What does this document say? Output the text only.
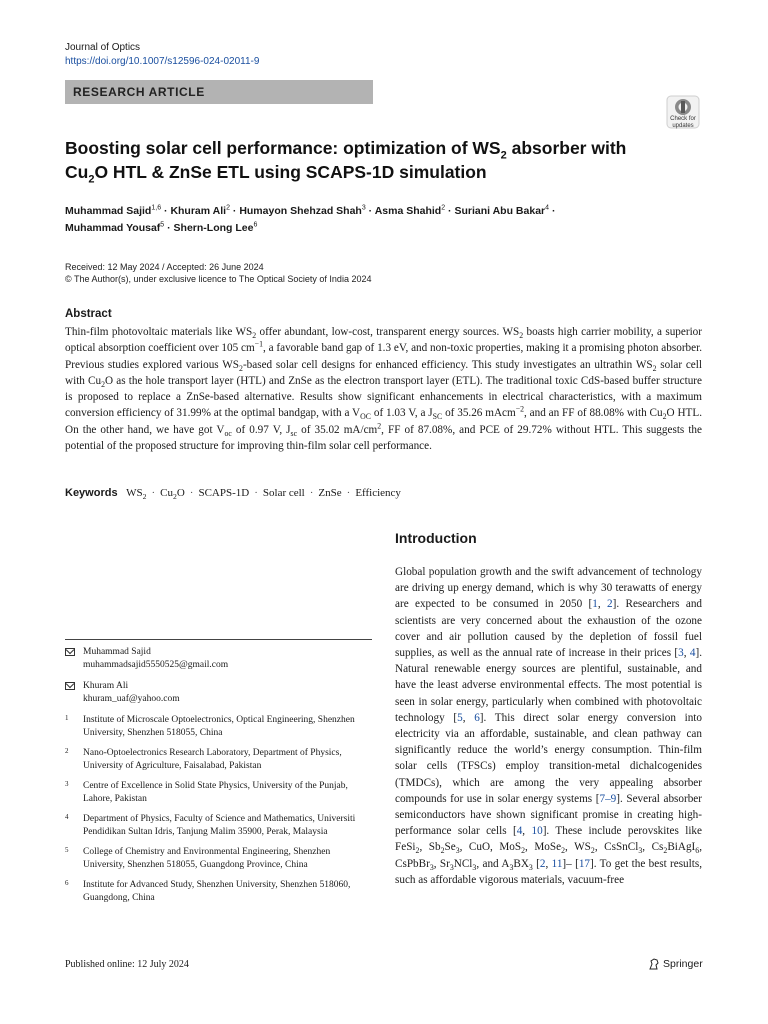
Journal of Optics
https://doi.org/10.1007/s12596-024-02011-9
RESEARCH ARTICLE
Check for
updates
Boosting solar cell performance: optimization of $WS_2$ absorber with
$Cu_2O$ HTL & ZnSe ETL using SCAPS-1D simulation
Muhammad Sajid$^{1,6}$ · Khuram Ali$^2$ · Humayon Shehzad Shah$^3$ · Asma Shahid$^2$ · Suriani Abu Bakar$^4$ ·
Muhammad Yousaf$^5$ · Shern-Long Lee$^6$
Received: 12 May 2024 / Accepted: 26 June 2024
© The Author(s), under exclusive licence to The Optical Society of India 2024
Abstract
Thin-film photovoltaic materials like $WS_2$ offer abundant, low-cost, transparent energy sources. $WS_2$ boasts high carrier mobility, a superior optical absorption coefficient over 105 $cm^{-1}$, a favorable band gap of 1.3 eV, and non-toxic properties, making it a promising photon absorber. Previous studies explored various $WS_2$-based solar cell designs for enhanced efficiency. This study investigates an ultrathin $WS_2$ solar cell with $Cu_2O$ as the hole transport layer (HTL) and ZnSe as the electron transport layer (ETL). The traditional toxic CdS-based buffer structure is proposed to replace a ZnSe-based alternative. Results show significant enhancements in electrical characteristics, with a maximum conversion efficiency of 31.99% at the optimal bandgap, with a $V_{OC}$ of 1.03 V, a $J_{SC}$ of 35.26 mAcm$^{-2}$, and an FF of 88.08% with $Cu_2O$ HTL. On the other hand, we have got $V_{oc}$ of 0.97 V, $J_{sc}$ of 35.02 $mA/cm^2$, FF of 87.08%, and PCE of 29.72% without HTL. This suggests the potential of the proposed structure for improving thin-film solar cell performance.
Keywords $WS_2 \cdot Cu_2O$ · SCAPS-1D · Solar cell · ZnSe · Efficiency
Introduction
Global population growth and the swift advancement of technology are driving up energy demand, which is why 30 terawatts of energy are expected to be consumed in 2050 [1, 2]. Researchers and scientists are very concerned about the exhaustion of the ozone cover and air pollution caused by the depletion of fossil fuel supplies, as well as the annual rate of increase in their prices [3, 4]. Natural renewable energy sources are plentiful, sustainable, and have the least adverse environmental effects. The most potential is seen in solar energy, particularly when combined with photovoltaic technology [5, 6]. This direct solar energy conversion into electricity via an affordable, sustainable, and clean pathway can significantly reduce the world’s energy consumption. Thin-film solar cells (TFSCs) employ transition-metal dichalcogenides (TMDCs), which are among the very appealing absorber compounds for use in solar energy systems [7–9]. Several absorber semiconductors have shown significant promise in creating high-performance solar cells [4, 10]. These include perovskites like FeSi$_2$, $Sb_2Se_3$, CuO, MoS$_2$, MoSe$_2$, $WS_2$, CsSnCl$_3$, $Cs_2BiAgI_6$, CsPbBr$_3$, $Sr_3NCl_3$, and $A_3BX_3$ [2, 11]– [17]. To get the best results, such as affordable vigorous materials, vacuum-free
Muhammad Sajid
muhammadsajid5550525@gmail.com
Khuram Ali
khuram_uaf@yahoo.com
1 Institute of Microscale Optoelectronics, Optical Engineering, Shenzhen University, Shenzhen 518055, China
2 Nano-Optoelectronics Research Laboratory, Department of Physics, University of Agriculture, Faisalabad, Pakistan
3 Centre of Excellence in Solid State Physics, University of the Punjab, Lahore, Pakistan
4 Department of Physics, Faculty of Science and Mathematics, Universiti Pendidikan Sultan Idris, Tanjung Malim 35900, Perak, Malaysia
5 College of Chemistry and Environmental Engineering, Shenzhen University, Shenzhen 518055, Guangdong Province, China
6 Institute for Advanced Study, Shenzhen University, Shenzhen 518060, Guangdong, China
Published online: 12 July 2024	Springer
